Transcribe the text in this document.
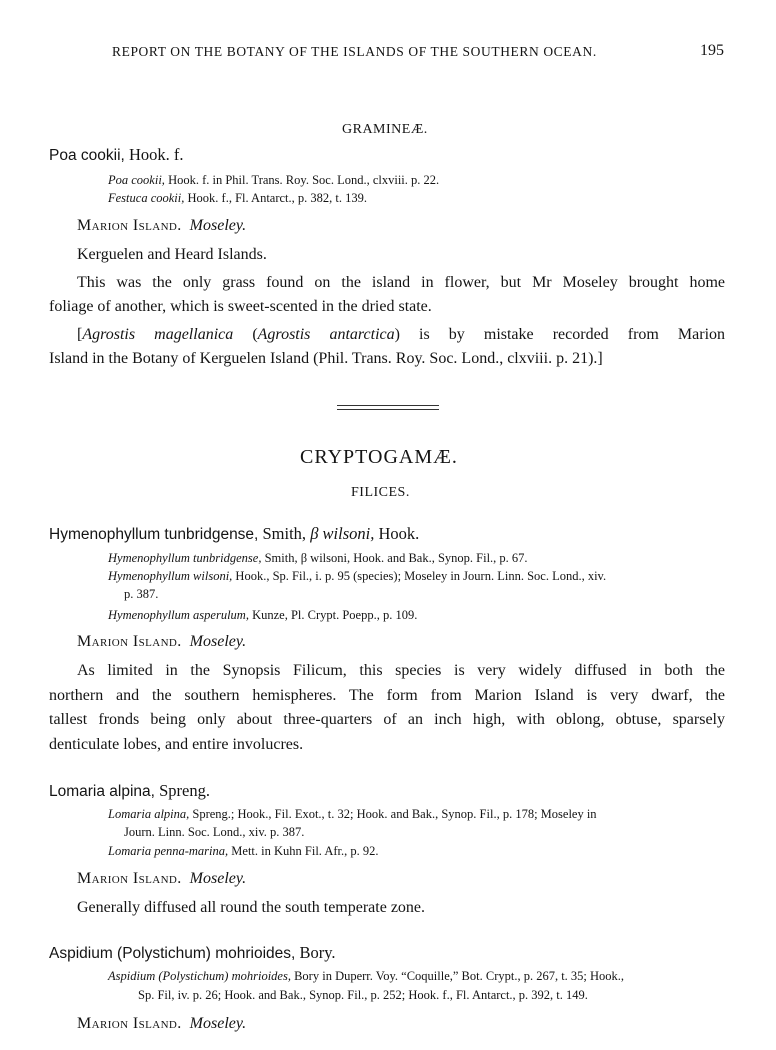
REPORT ON THE BOTANY OF THE ISLANDS OF THE SOUTHERN OCEAN.	195
GRAMINEÆ.
Poa cookii, Hook. f.
Poa cookii, Hook. f. in Phil. Trans. Roy. Soc. Lond., clxviii. p. 22.
Festuca cookii, Hook. f., Fl. Antarct., p. 382, t. 139.
Marion Island. Moseley.
Kerguelen and Heard Islands.
This was the only grass found on the island in flower, but Mr Moseley brought home
foliage of another, which is sweet-scented in the dried state.
[Agrostis magellanica (Agrostis antarctica) is by mistake recorded from Marion
Island in the Botany of Kerguelen Island (Phil. Trans. Roy. Soc. Lond., clxviii. p. 21).]
CRYPTOGAMÆ.
FILICES.
Hymenophyllum tunbridgense, Smith, β wilsoni, Hook.
Hymenophyllum tunbridgense, Smith, β wilsoni, Hook. and Bak., Synop. Fil., p. 67.
Hymenophyllum wilsoni, Hook., Sp. Fil., i. p. 95 (species); Moseley in Journ. Linn. Soc. Lond., xiv.
p. 387.
Hymenophyllum asperulum, Kunze, Pl. Crypt. Poepp., p. 109.
Marion Island. Moseley.
As limited in the Synopsis Filicum, this species is very widely diffused in both the
northern and the southern hemispheres. The form from Marion Island is very dwarf, the
tallest fronds being only about three-quarters of an inch high, with oblong, obtuse, sparsely
denticulate lobes, and entire involucres.
Lomaria alpina, Spreng.
Lomaria alpina, Spreng.; Hook., Fil. Exot., t. 32; Hook. and Bak., Synop. Fil., p. 178; Moseley in
Journ. Linn. Soc. Lond., xiv. p. 387.
Lomaria penna-marina, Mett. in Kuhn Fil. Afr., p. 92.
Marion Island. Moseley.
Generally diffused all round the south temperate zone.
Aspidium (Polystichum) mohrioides, Bory.
Aspidium (Polystichum) mohrioides, Bory in Duperr. Voy. “Coquille,” Bot. Crypt., p. 267, t. 35; Hook.,
Sp. Fil, iv. p. 26; Hook. and Bak., Synop. Fil., p. 252; Hook. f., Fl. Antarct., p. 392, t. 149.
Marion Island. Moseley.
